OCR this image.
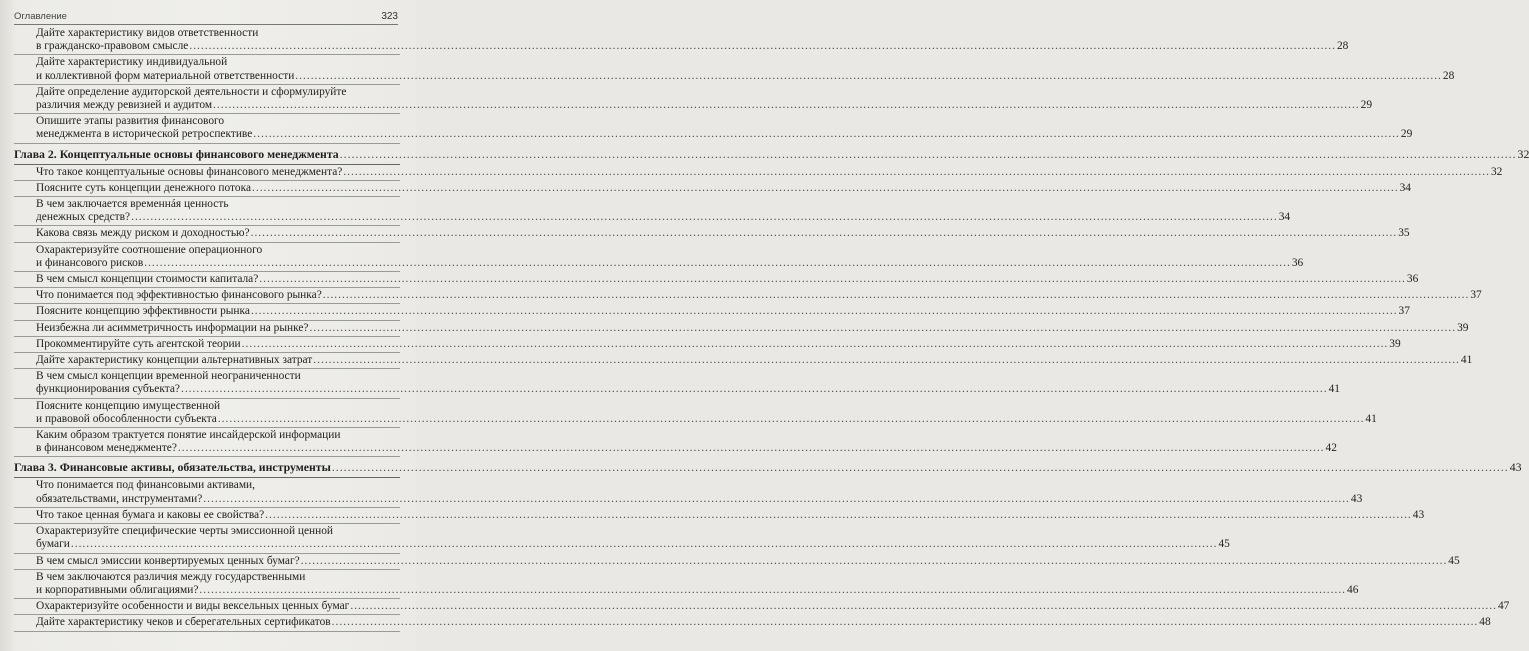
Оглавление	323
Дайте характеристику видов ответственности
в гражданско-правовом смысле .......................................................................................................................................................................................................................................................................................................... 28
Дайте характеристику индивидуальной
и коллективной форм материальной ответственности .......................................................................................................................................................................................................................................................................................................... 28
Дайте определение аудиторской деятельности и сформулируйте
различия между ревизией и аудитом .......................................................................................................................................................................................................................................................................................................... 29
Опишите этапы развития финансового
менеджмента в исторической ретроспективе .......................................................................................................................................................................................................................................................................................................... 29
Глава 2. Концептуальные основы финансового менеджмента .......................................................................................................................................................................................................................................................................................................... 32
Что такое концептуальные основы финансового менеджмента? .......................................................................................................................................................................................................................................................................................................... 32
Поясните суть концепции денежного потока .......................................................................................................................................................................................................................................................................................................... 34
В чем заключается временнáя ценность
денежных средств? .......................................................................................................................................................................................................................................................................................................... 34
Какова связь между риском и доходностью? .......................................................................................................................................................................................................................................................................................................... 35
Охарактеризуйте соотношение операционного
и финансового рисков .......................................................................................................................................................................................................................................................................................................... 36
В чем смысл концепции стоимости капитала? .......................................................................................................................................................................................................................................................................................................... 36
Что понимается под эффективностью финансового рынка? .......................................................................................................................................................................................................................................................................................................... 37
Поясните концепцию эффективности рынка .......................................................................................................................................................................................................................................................................................................... 37
Неизбежна ли асимметричность информации на рынке? .......................................................................................................................................................................................................................................................................................................... 39
Прокомментируйте суть агентской теории .......................................................................................................................................................................................................................................................................................................... 39
Дайте характеристику концепции альтернативных затрат .......................................................................................................................................................................................................................................................................................................... 41
В чем смысл концепции временной неограниченности
функционирования субъекта? .......................................................................................................................................................................................................................................................................................................... 41
Поясните концепцию имущественной
и правовой обособленности субъекта .......................................................................................................................................................................................................................................................................................................... 41
Каким образом трактуется понятие инсайдерской информации
в финансовом менеджменте? .......................................................................................................................................................................................................................................................................................................... 42
Глава 3. Финансовые активы, обязательства, инструменты .......................................................................................................................................................................................................................................................................................................... 43
Что понимается под финансовыми активами,
обязательствами, инструментами? .......................................................................................................................................................................................................................................................................................................... 43
Что такое ценная бумага и каковы ее свойства? .......................................................................................................................................................................................................................................................................................................... 43
Охарактеризуйте специфические черты эмиссионной ценной
бумаги .......................................................................................................................................................................................................................................................................................................... 45
В чем смысл эмиссии конвертируемых ценных бумаг? .......................................................................................................................................................................................................................................................................................................... 45
В чем заключаются различия между государственными
и корпоративными облигациями? .......................................................................................................................................................................................................................................................................................................... 46
Охарактеризуйте особенности и виды вексельных ценных бумаг .......................................................................................................................................................................................................................................................................................................... 47
Дайте характеристику чеков и сберегательных сертификатов .......................................................................................................................................................................................................................................................................................................... 48
